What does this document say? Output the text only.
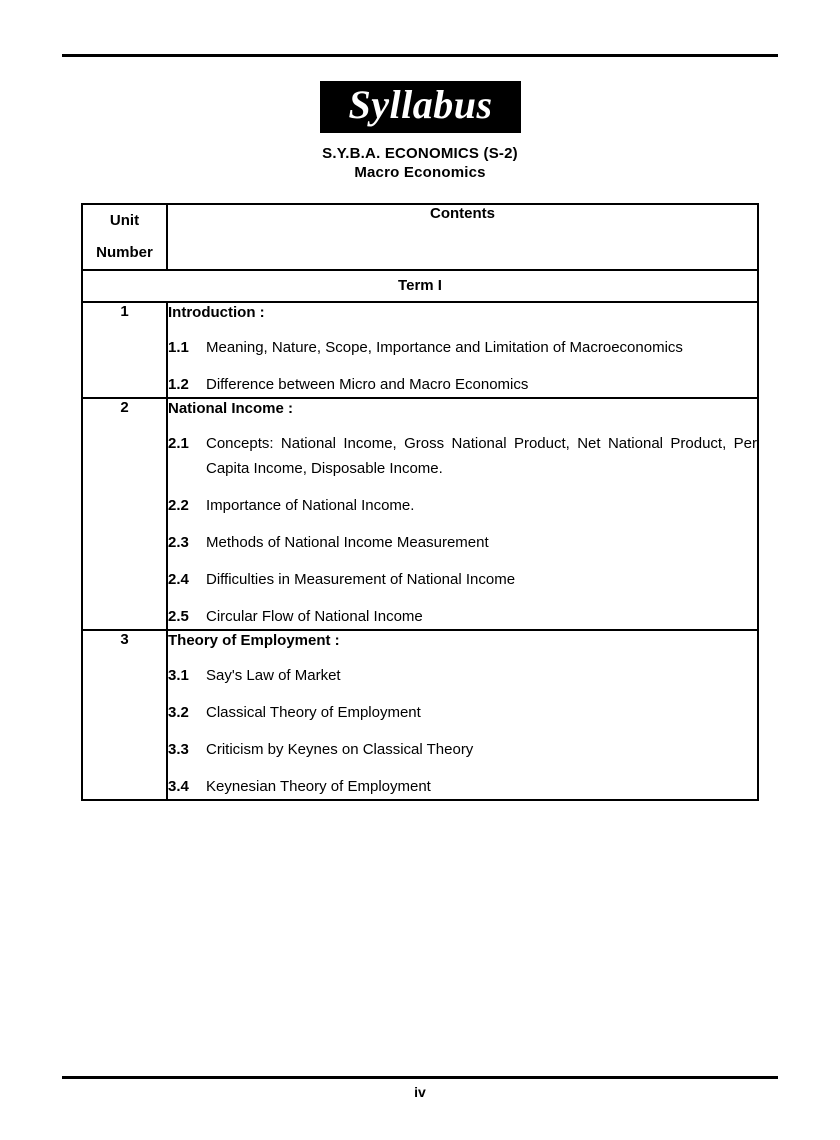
Syllabus
S.Y.B.A. ECONOMICS (S-2)
Macro Economics
Unit
Number	Contents
Term I	
1	Introduction :
1.1 Meaning, Nature, Scope, Importance and Limitation of Macroeconomics
1.2 Difference between Micro and Macro Economics

2	National Income :
2.1	Concepts: National Income, Gross National Product, Net National Product, Per Capita Income, Disposable Income.
2.2	Importance of National Income.
2.3	Methods of National Income Measurement
2.4	Difficulties in Measurement of National Income
2.5	Circular Flow of National Income

3	Theory of Employment :
3.1	Say's Law of Market
3.2	Classical Theory of Employment
3.3	Criticism by Keynes on Classical Theory
3.4	Keynesian Theory of Employment
iv
